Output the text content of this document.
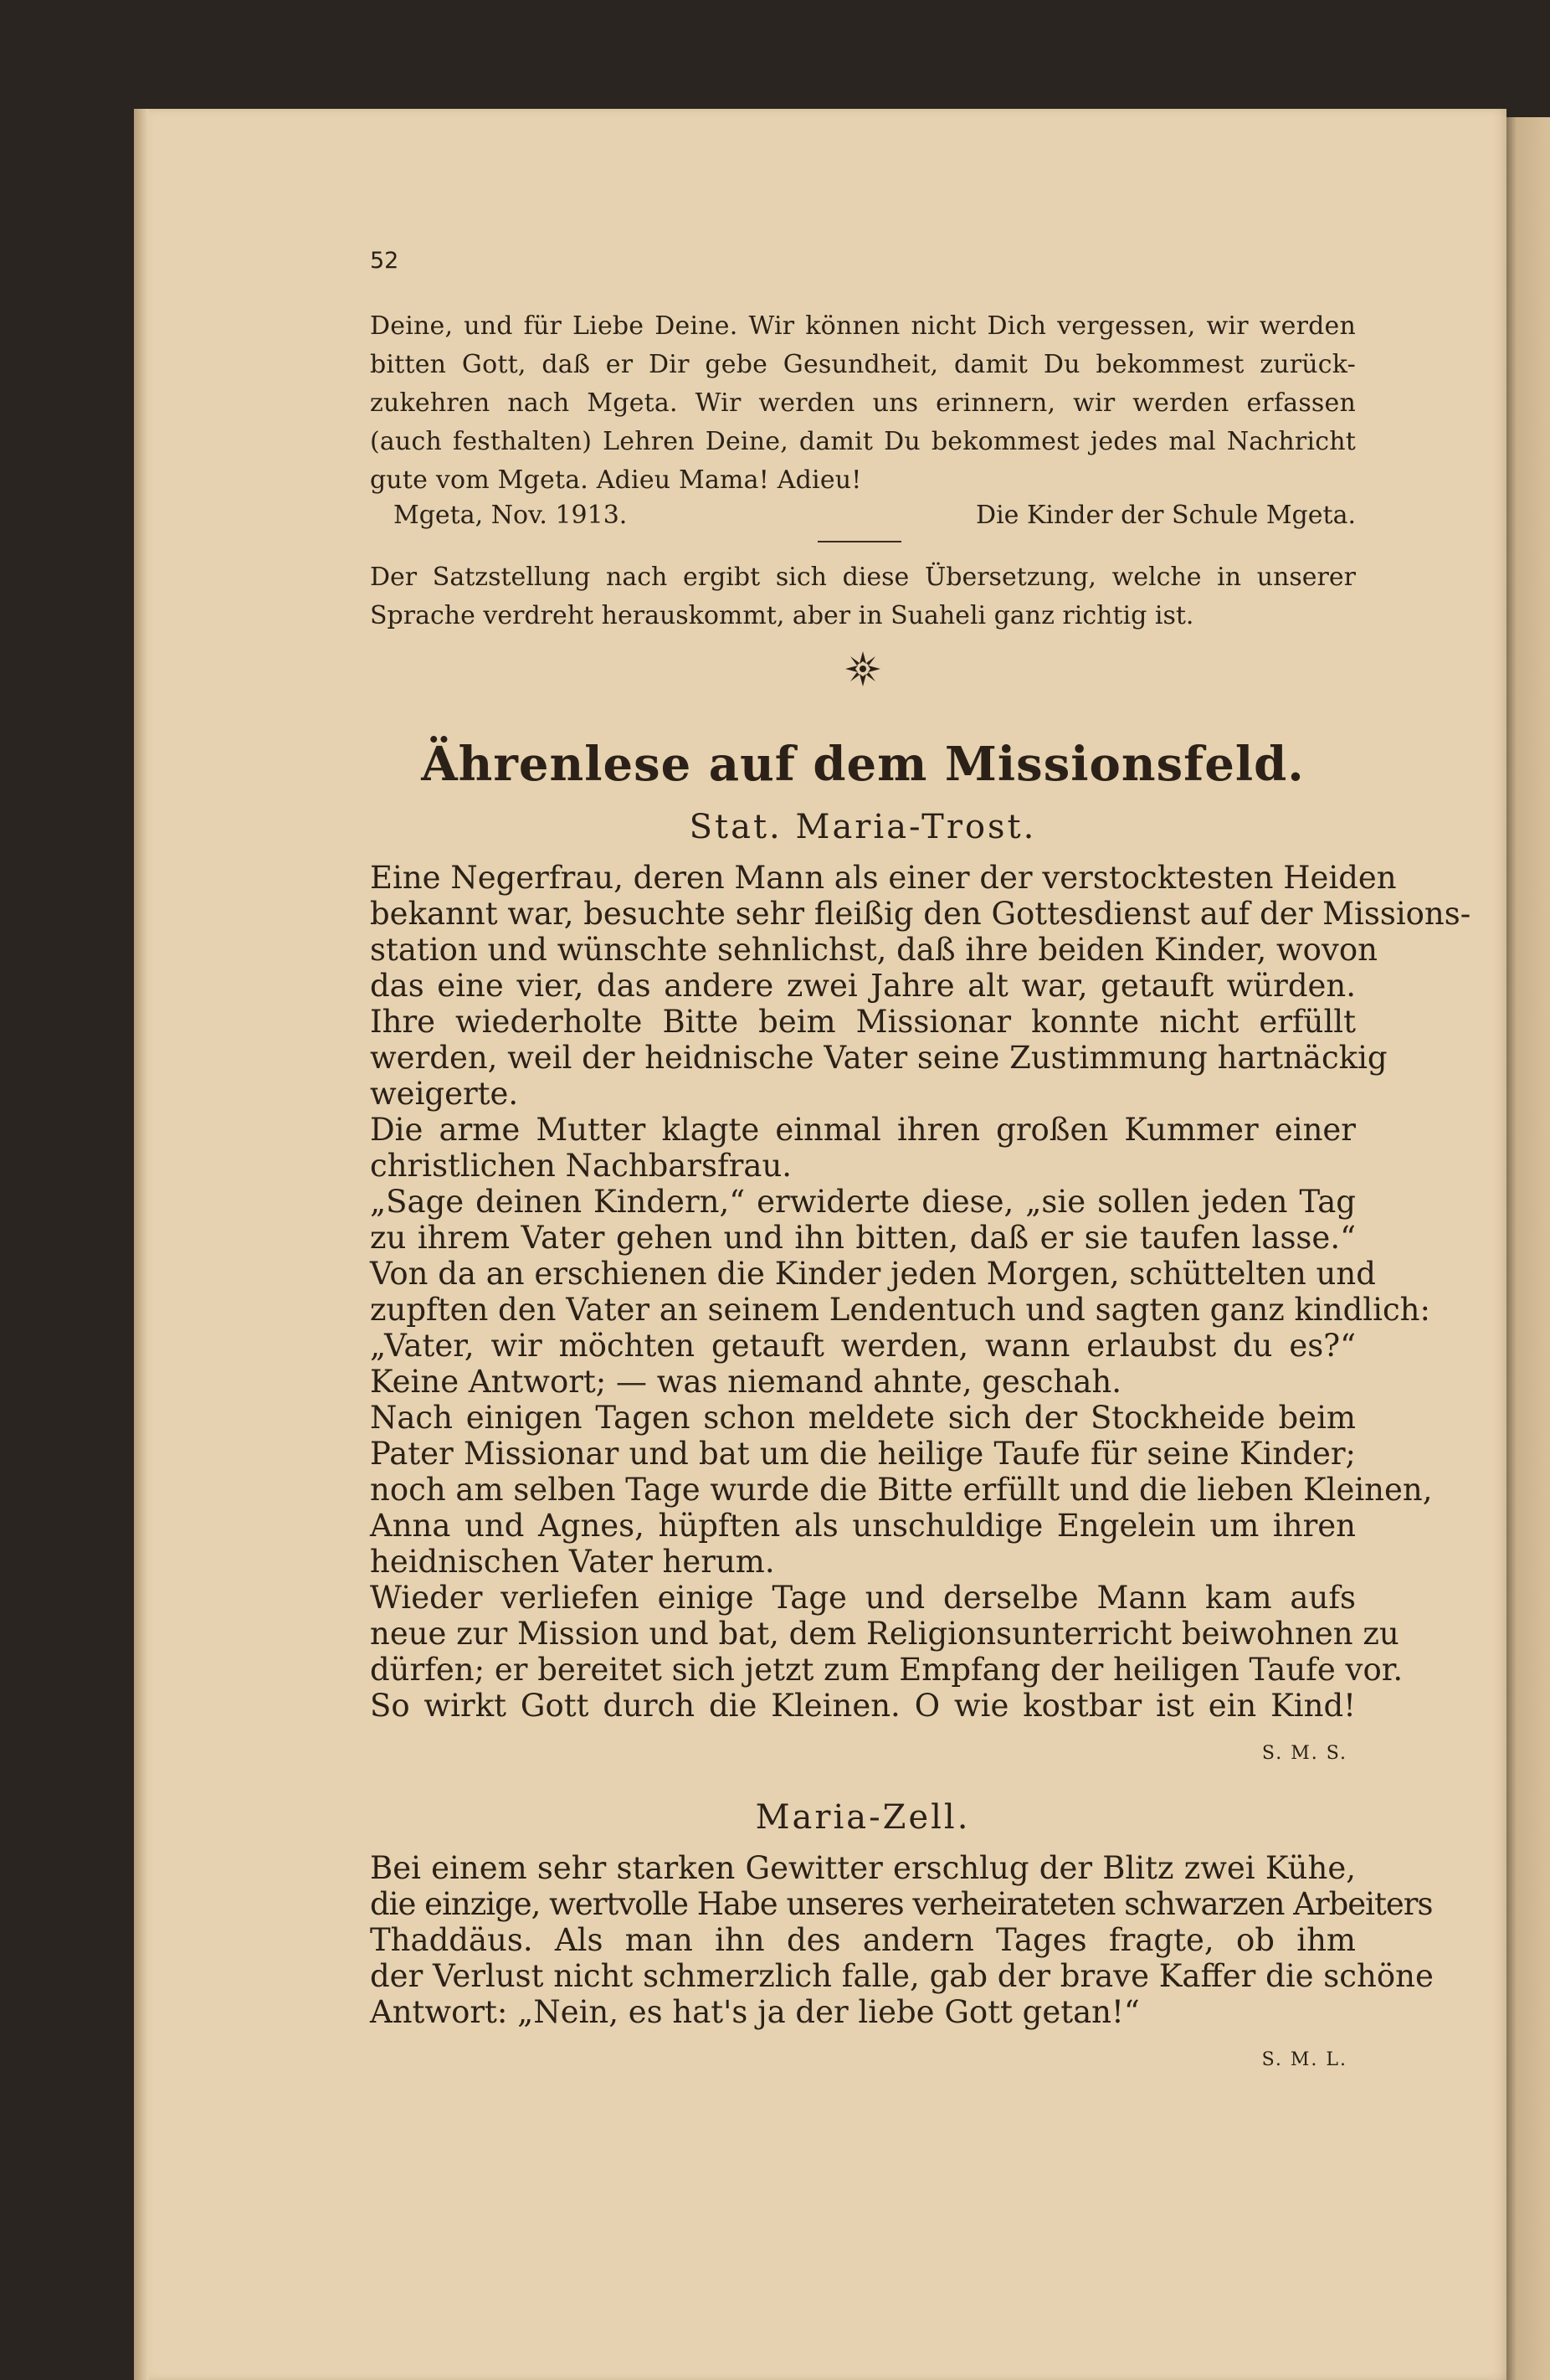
52
Deine, und für Liebe Deine. Wir können nicht Dich vergessen, wir werden
bitten Gott, daß er Dir gebe Gesundheit, damit Du bekommest zurück-
zukehren nach Mgeta. Wir werden uns erinnern, wir werden erfassen
(auch festhalten) Lehren Deine, damit Du bekommest jedes mal Nachricht
gute vom Mgeta. Adieu Mama! Adieu!
Mgeta, Nov. 1913.	Die Kinder der Schule Mgeta.
Der Satzstellung nach ergibt sich diese Übersetzung, welche in unserer
Sprache verdreht herauskommt, aber in Suaheli ganz richtig ist.
Ährenlese auf dem Missionsfeld.
Stat. Maria-Trost.
Eine Negerfrau, deren Mann als einer der verstocktesten Heiden
bekannt war, besuchte sehr fleißig den Gottesdienst auf der Missions-
station und wünschte sehnlichst, daß ihre beiden Kinder, wovon
das eine vier, das andere zwei Jahre alt war, getauft würden.
Ihre wiederholte Bitte beim Missionar konnte nicht erfüllt
werden, weil der heidnische Vater seine Zustimmung hartnäckig
weigerte.
Die arme Mutter klagte einmal ihren großen Kummer einer
christlichen Nachbarsfrau.
„Sage deinen Kindern,“ erwiderte diese, „sie sollen jeden Tag
zu ihrem Vater gehen und ihn bitten, daß er sie taufen lasse.“
Von da an erschienen die Kinder jeden Morgen, schüttelten und
zupften den Vater an seinem Lendentuch und sagten ganz kindlich:
„Vater, wir möchten getauft werden, wann erlaubst du es?“
Keine Antwort; — was niemand ahnte, geschah.
Nach einigen Tagen schon meldete sich der Stockheide beim
Pater Missionar und bat um die heilige Taufe für seine Kinder;
noch am selben Tage wurde die Bitte erfüllt und die lieben Kleinen,
Anna und Agnes, hüpften als unschuldige Engelein um ihren
heidnischen Vater herum.
Wieder verliefen einige Tage und derselbe Mann kam aufs
neue zur Mission und bat, dem Religionsunterricht beiwohnen zu
dürfen; er bereitet sich jetzt zum Empfang der heiligen Taufe vor.
So wirkt Gott durch die Kleinen. O wie kostbar ist ein Kind!
S. M. S.
Maria-Zell.
Bei einem sehr starken Gewitter erschlug der Blitz zwei Kühe,
die einzige, wertvolle Habe unseres verheirateten schwarzen Arbeiters
Thaddäus. Als man ihn des andern Tages fragte, ob ihm
der Verlust nicht schmerzlich falle, gab der brave Kaffer die schöne
Antwort: „Nein, es hat's ja der liebe Gott getan!“
S. M. L.
